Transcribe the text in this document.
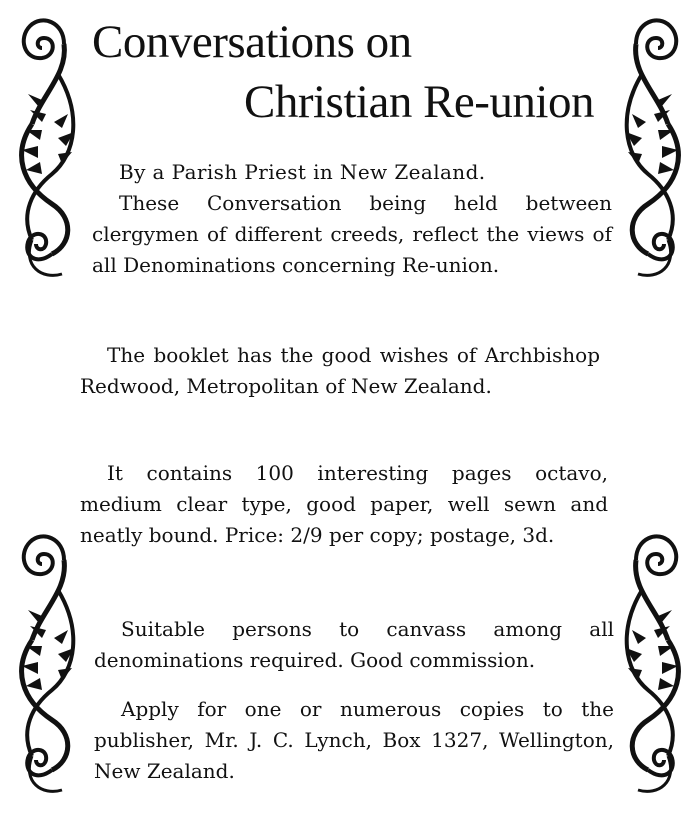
Conversations on
Christian Re-union
By a Parish Priest in New Zealand.
These Conversation being held between clergymen of different creeds, reflect the views of all Denominations concerning Re-union.

The booklet has the good wishes of Archbishop Redwood, Metropolitan of New Zealand.

It contains 100 interesting pages octavo, medium clear type, good paper, well sewn and neatly bound. Price: 2/9 per copy; postage, 3d.

Suitable persons to canvass among all denominations required. Good commission.

Apply for one or numerous copies to the publisher, Mr. J. C. Lynch, Box 1327, Wellington, New Zealand.
